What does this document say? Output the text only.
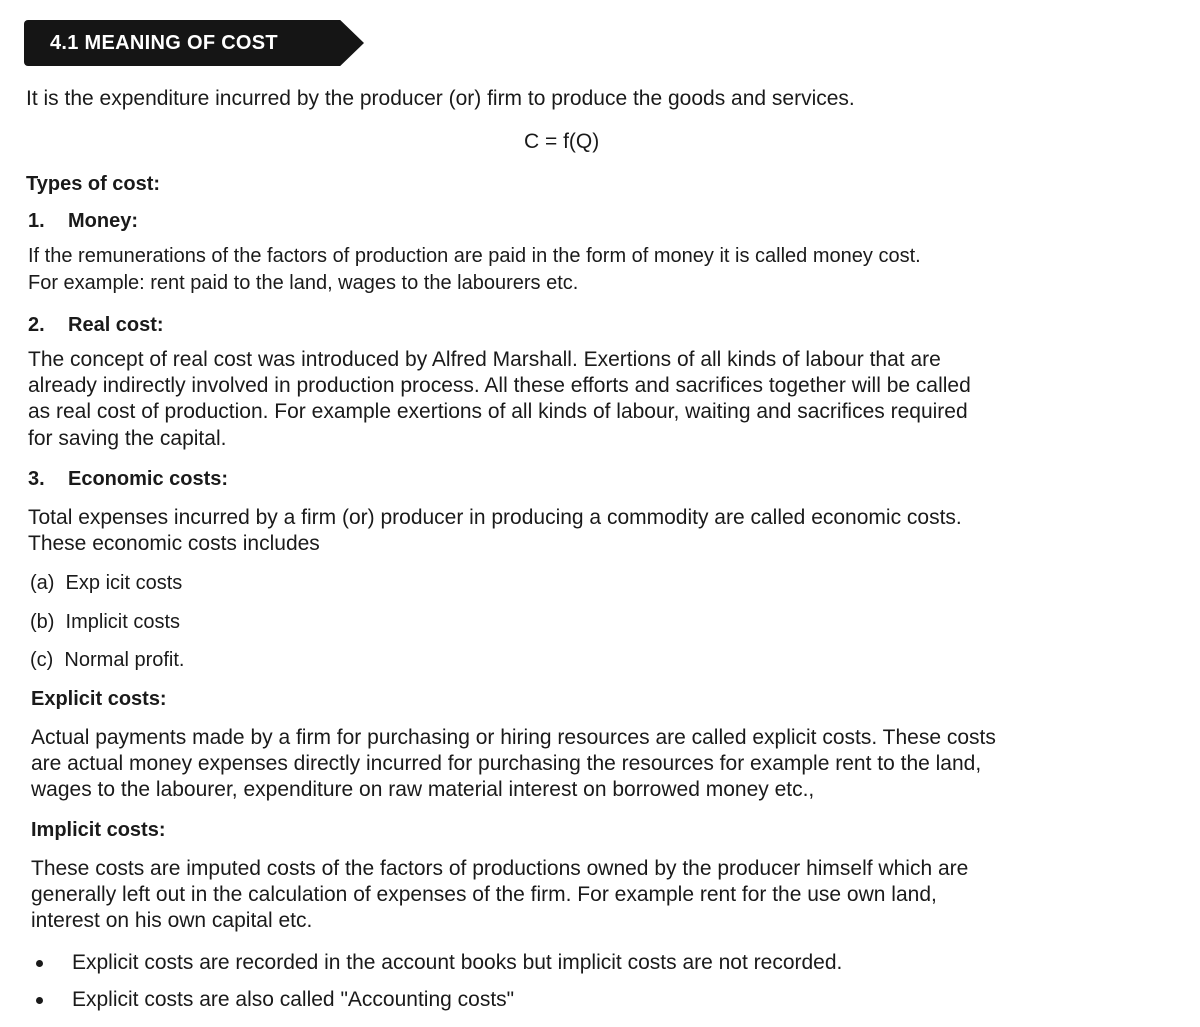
4.1 MEANING OF COST
It is the expenditure incurred by the producer (or) firm to produce the goods and services.
C = f(Q)
Types of cost:
1. Money:
If the remunerations of the factors of production are paid in the form of money it is called money cost.
For example: rent paid to the land, wages to the labourers etc.
2. Real cost:
The concept of real cost was introduced by Alfred Marshall. Exertions of all kinds of labour that are
already indirectly involved in production process. All these efforts and sacrifices together will be called
as real cost of production. For example exertions of all kinds of labour, waiting and sacrifices required
for saving the capital.
3. Economic costs:
Total expenses incurred by a firm (or) producer in producing a commodity are called economic costs.
These economic costs includes
(a)  Exp icit costs
(b)  Implicit costs
(c)  Normal profit.
Explicit costs:
Actual payments made by a firm for purchasing or hiring resources are called explicit costs. These costs
are actual money expenses directly incurred for purchasing the resources for example rent to the land,
wages to the labourer, expenditure on raw material interest on borrowed money etc.,
Implicit costs:
These costs are imputed costs of the factors of productions owned by the producer himself which are
generally left out in the calculation of expenses of the firm. For example rent for the use own land,
interest on his own capital etc.
Explicit costs are recorded in the account books but implicit costs are not recorded.
Explicit costs are also called "Accounting costs"
